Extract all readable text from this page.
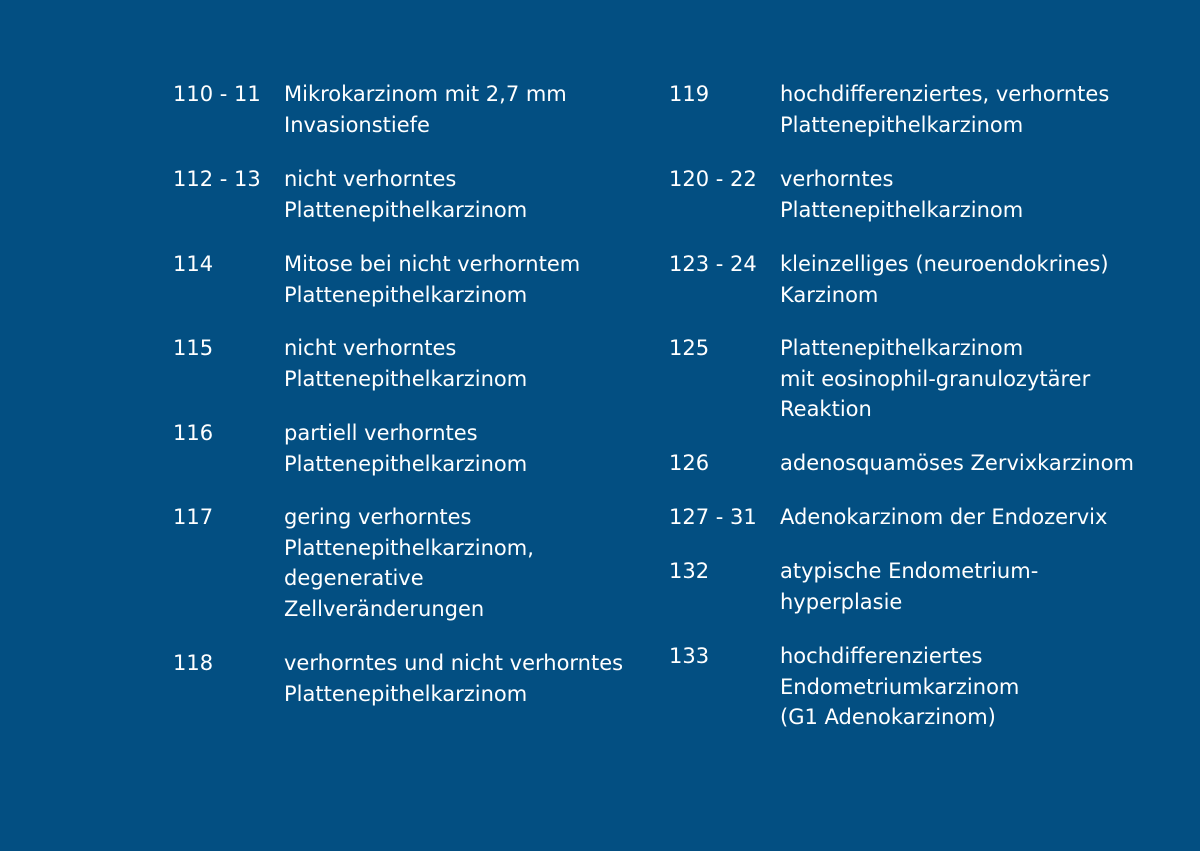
110 - 11 Mikrokarzinom mit 2,7 mm
Invasionstiefe
112 - 13 nicht verhorntes
Plattenepithelkarzinom
114	Mitose bei nicht verhorntem
Plattenepithelkarzinom
115	nicht verhorntes
Plattenepithelkarzinom
116	partiell verhorntes
Plattenepithelkarzinom
117	gering verhorntes
Plattenepithelkarzinom,
degenerative
Zellveränderungen
118	verhorntes und nicht verhorntes
Plattenepithelkarzinom
119	hochdifferenziertes, verhorntes
Plattenepithelkarzinom
120 - 22 verhorntes
Plattenepithelkarzinom
123 - 24 kleinzelliges (neuroendokrines)
Karzinom
125	Plattenepithelkarzinom
mit eosinophil-granulozytärer
Reaktion
126	adenosquamöses Zervixkarzinom
127 - 31 Adenokarzinom der Endozervix
132	atypische Endometrium-
hyperplasie
133	hochdifferenziertes
Endometriumkarzinom
(G1 Adenokarzinom)
